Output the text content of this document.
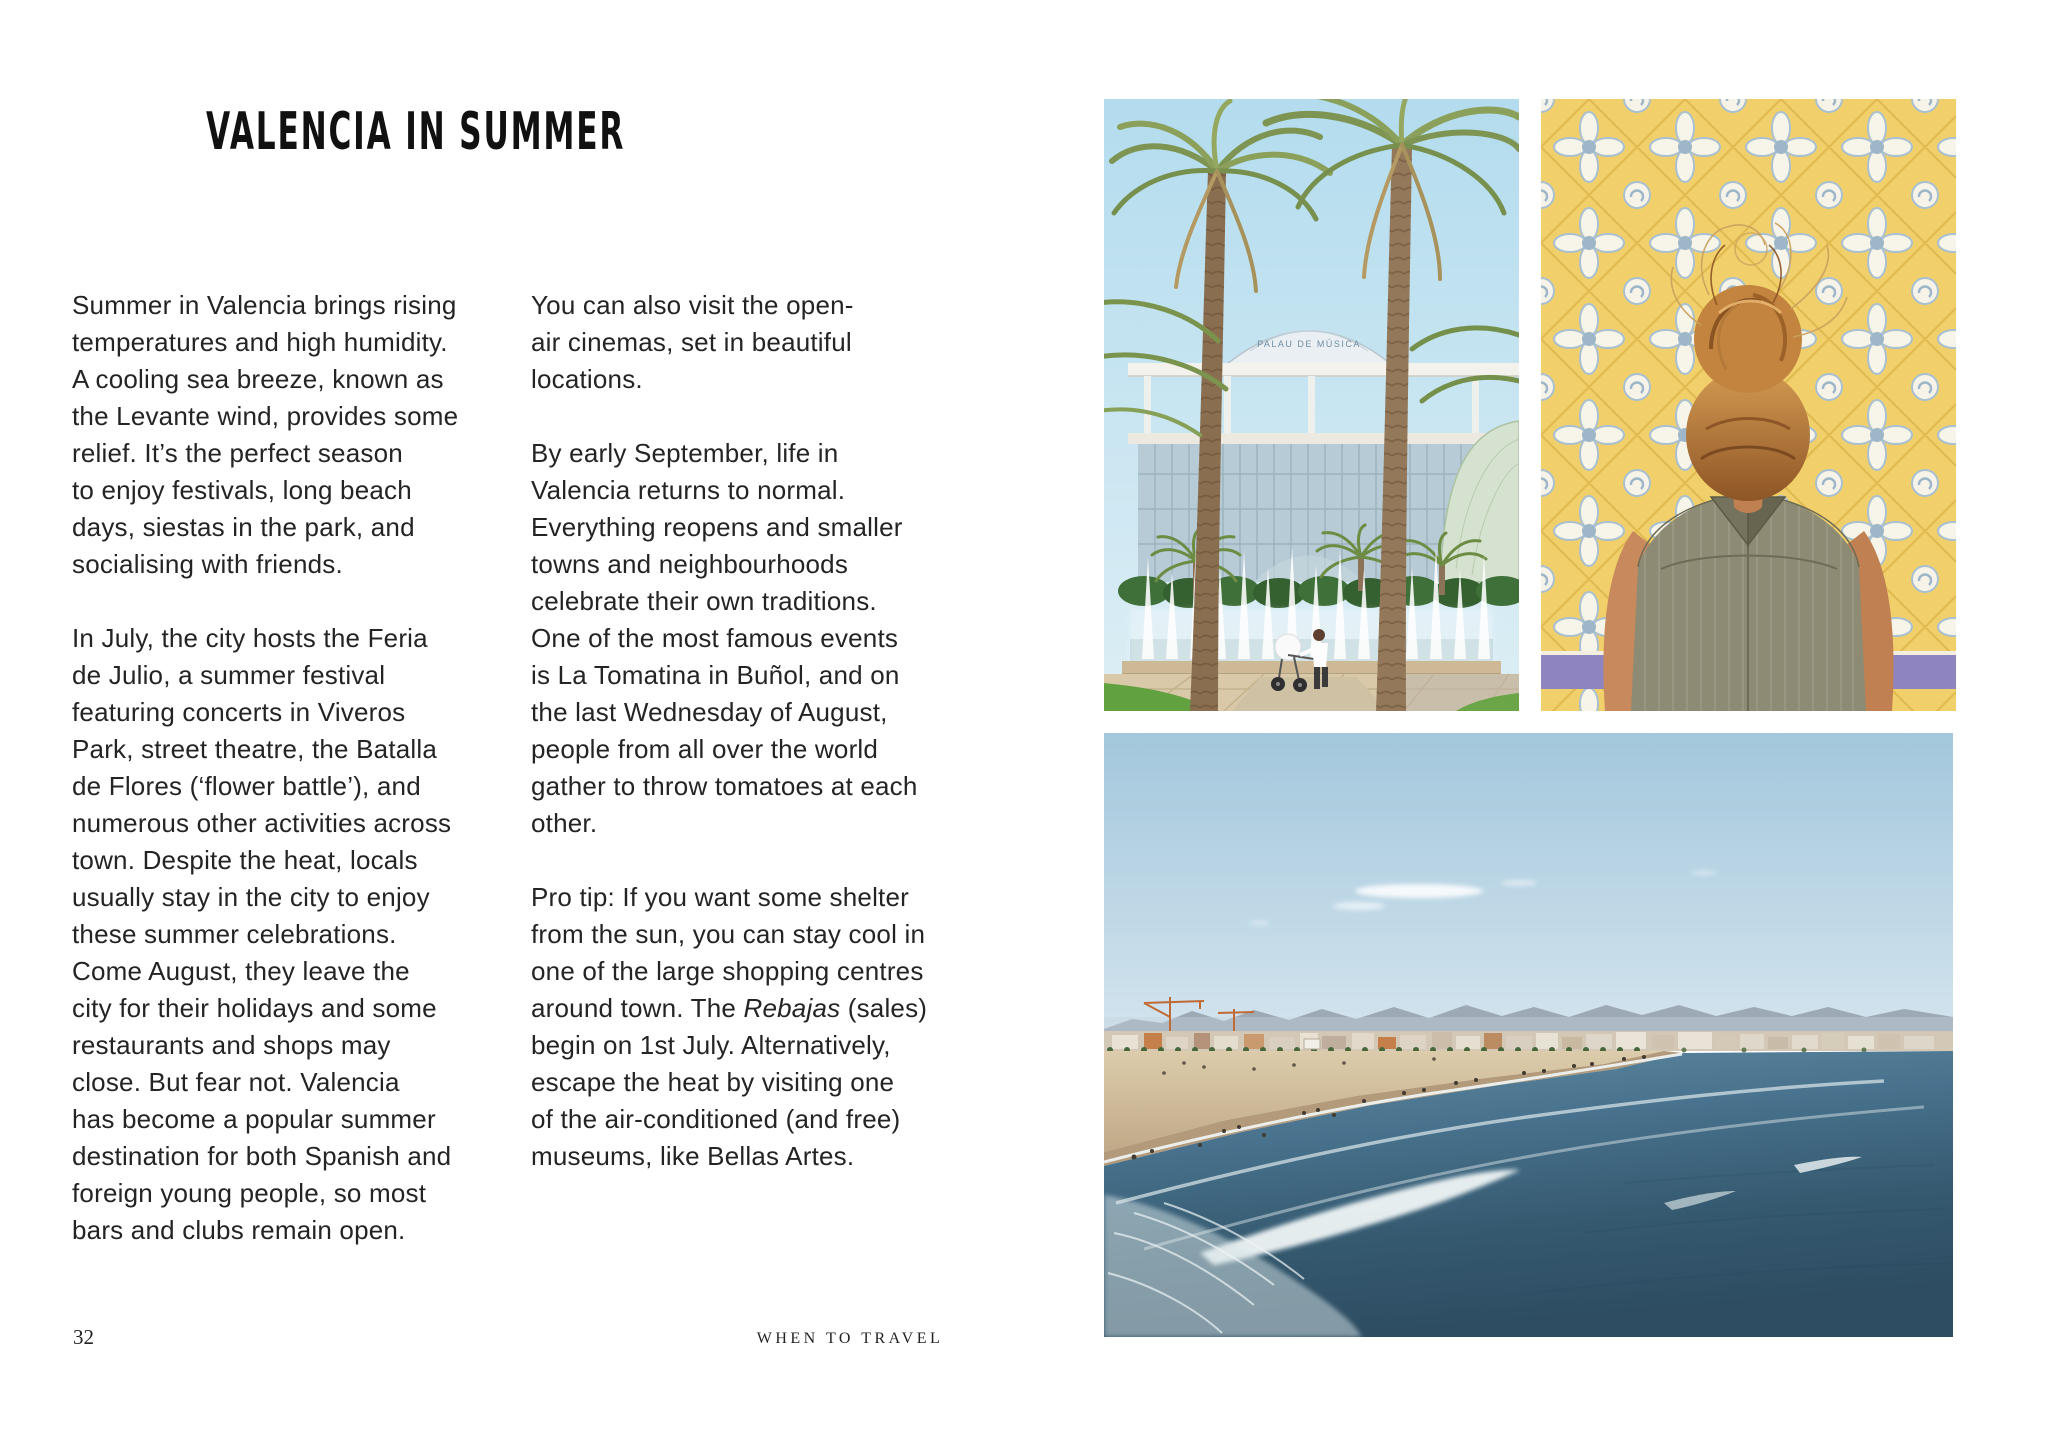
VALENCIA IN SUMMER

Summer in Valencia brings rising
temperatures and high humidity.
A cooling sea breeze, known as
the Levante wind, provides some
relief. It’s the perfect season
to enjoy festivals, long beach
days, siestas in the park, and
socialising with friends.

In July, the city hosts the Feria
de Julio, a summer festival
featuring concerts in Viveros
Park, street theatre, the Batalla
de Flores (‘flower battle’), and
numerous other activities across
town. Despite the heat, locals
usually stay in the city to enjoy
these summer celebrations.
Come August, they leave the
city for their holidays and some
restaurants and shops may
close. But fear not. Valencia
has become a popular summer
destination for both Spanish and
foreign young people, so most
bars and clubs remain open.

You can also visit the open-
air cinemas, set in beautiful
locations.

By early September, life in
Valencia returns to normal.
Everything reopens and smaller
towns and neighbourhoods
celebrate their own traditions.
One of the most famous events
is La Tomatina in Buñol, and on
the last Wednesday of August,
people from all over the world
gather to throw tomatoes at each
other.

Pro tip: If you want some shelter
from the sun, you can stay cool in
one of the large shopping centres
around town. The Rebajas (sales)
begin on 1st July. Alternatively,
escape the heat by visiting one
of the air-conditioned (and free)
museums, like Bellas Artes.

32	WHEN TO TRAVEL
PALAU DE MÚSICA
